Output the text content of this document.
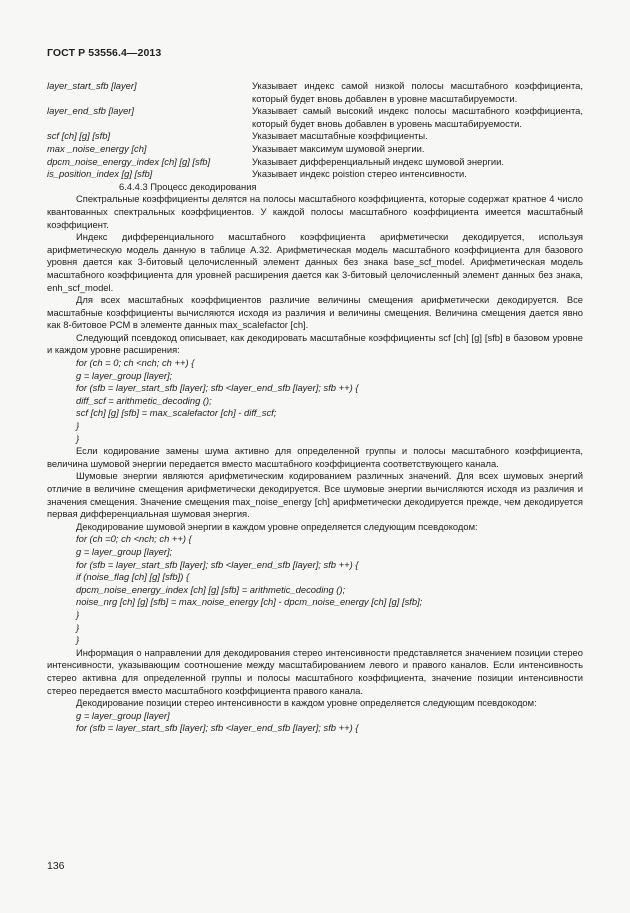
ГОСТ Р 53556.4—2013
layer_start_sfb [layer]	Указывает индекс самой низкой полосы масштабного коэффициента, который будет вновь добавлен в уровне масштабируемости.
layer_end_sfb [layer]	Указывает самый высокий индекс полосы масштабного коэффициента, который будет вновь добавлен в уровень масштабируемости.
scf [ch] [g] [sfb]	Указывает масштабные коэффициенты.
max _noise_energy [ch]	Указывает максимум шумовой энергии.
dpcm_noise_energy_index [ch] [g] [sfb]	Указывает дифференциальный индекс шумовой энергии.
is_position_index [g] [sfb]	Указывает индекс poistion стерео интенсивности.
6.4.4.3 Процесс декодирования

Спектральные коэффициенты делятся на полосы масштабного коэффициента, которые содержат кратное 4 число квантованных спектральных коэффициентов. У каждой полосы масштабного коэффициента имеется масштабный коэффициент.

Индекс дифференциального масштабного коэффициента арифметически декодируется, используя арифметическую модель данную в таблице A.32. Арифметическая модель масштабного коэффициента для базового уровня дается как 3-битовый целочисленный элемент данных без знака base_scf_model. Арифметическая модель масштабного коэффициента для уровней расширения дается как 3-битовый целочисленный элемент данных без знака, enh_scf_model.

Для всех масштабных коэффициентов различие величины смещения арифметически декодируется. Все масштабные коэффициенты вычисляются исходя из различия и величины смещения. Величина смещения дается явно как 8-битовое PCM в элементе данных max_scalefactor [ch].

Следующий псевдокод описывает, как декодировать масштабные коэффициенты scf [ch] [g] [sfb] в базовом уровне и каждом уровне расширения:

for (ch = 0; ch <nch; ch ++) {
g = layer_group [layer];
for (sfb = layer_start_sfb [layer]; sfb <layer_end_sfb [layer]; sfb ++) {
diff_scf = arithmetic_decoding ();
scf [ch] [g] [sfb] = max_scalefactor [ch] - diff_scf;
}
}

Если кодирование замены шума активно для определенной группы и полосы масштабного коэффициента, величина шумовой энергии передается вместо масштабного коэффициента соответствующего канала.

Шумовые энергии являются арифметическим кодированием различных значений. Для всех шумовых энергий отличие в величине смещения арифметически декодируется. Все шумовые энергии вычисляются исходя из различия и значения смещения. Значение смещения max_noise_energy [ch] арифметически декодируется прежде, чем декодируется первая дифференциальная шумовая энергия.

Декодирование шумовой энергии в каждом уровне определяется следующим псевдокодом:

for (ch =0; ch <nch; ch ++) {
g = layer_group [layer];
for (sfb = layer_start_sfb [layer]; sfb <layer_end_sfb [layer]; sfb ++) {
if (noise_flag [ch] [g] [sfb]) {
dpcm_noise_energy_index [ch] [g] [sfb] = arithmetic_decoding ();
noise_nrg [ch] [g] [sfb] = max_noise_energy [ch] - dpcm_noise_energy [ch] [g] [sfb];
}
}
}

Информация о направлении для декодирования стерео интенсивности представляется значением позиции стерео интенсивности, указывающим соотношение между масштабированием левого и правого каналов. Если интенсивность стерео активна для определенной группы и полосы масштабного коэффициента, значение позиции интенсивности стерео передается вместо масштабного коэффициента правого канала.

Декодирование позиции стерео интенсивности в каждом уровне определяется следующим псевдокодом:

g = layer_group [layer]
for (sfb = layer_start_sfb [layer]; sfb <layer_end_sfb [layer]; sfb ++) {
136
